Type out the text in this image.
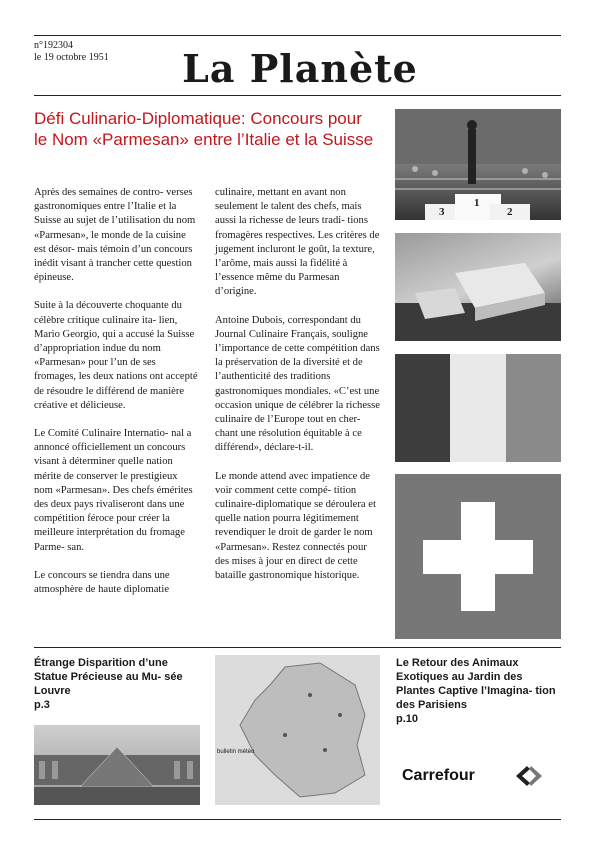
n°192304
le 19 octobre 1951	La Planète
Défi Culinario-Diplomatique: Concours pour le Nom «Parmesan» entre l’Italie et la Suisse

Après des semaines de contro- verses gastronomiques entre l’Italie et la Suisse au sujet de l’utilisation du nom «Parmesan», le monde de la cuisine est désor- mais témoin d’un concours inédit visant à trancher cette question épineuse.

Suite à la découverte choquante du célèbre critique culinaire ita- lien, Mario Georgio, qui a accusé la Suisse d’appropriation indue du nom «Parmesan» pour l’un de ses fromages, les deux nations ont accepté de résoudre le différend de manière créative et délicieuse.

Le Comité Culinaire Internatio- nal a annoncé officiellement un concours visant à déterminer quelle nation mérite de conserver le prestigieux nom «Parmesan». Des chefs émérites des deux pays rivaliseront dans une compétition féroce pour créer la meilleure interprétation du fromage Parme- san.

Le concours se tiendra dans une atmosphère de haute diplomatie

culinaire, mettant en avant non seulement le talent des chefs, mais aussi la richesse de leurs tradi- tions fromagères respectives. Les critères de jugement incluront le goût, la texture, l’arôme, mais aussi la fidélité à l’essence même du Parmesan d’origine.

Antoine Dubois, correspondant du Journal Culinaire Français, souligne l’importance de cette compétition dans la préservation de la diversité et de l’authenticité des traditions gastronomiques mondiales. «C’est une occasion unique de célébrer la richesse culinaire de l’Europe tout en cher- chant une résolution équitable à ce différend», déclare-t-il.

Le monde attend avec impatience de voir comment cette compé- tition culinaire-diplomatique se déroulera et quelle nation pourra légitimement revendiquer le droit de garder le nom «Parmesan». Restez connectés pour des mises à jour en direct de cette bataille gastronomique historique.

3
1
2
Étrange Disparition d’une Statue Précieuse au Mu- sée Louvre
p.3
bulletin météo
Le Retour des Animaux Exotiques au Jardin des Plantes Captive l’Imagina- tion des Parisiens
p.10
Carrefour
